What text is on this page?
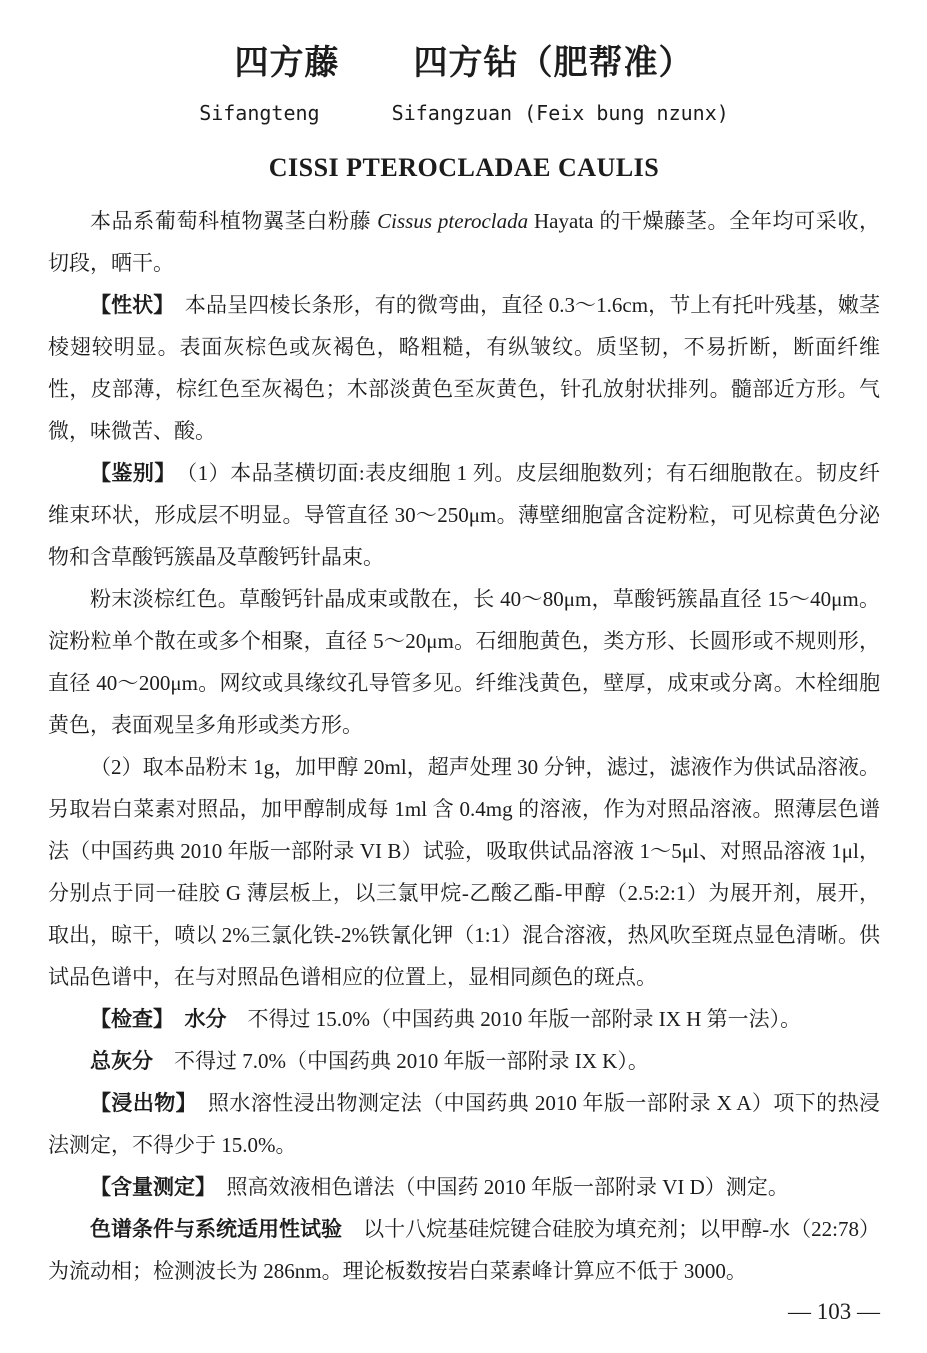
四方藤 四方钻（肥帮准）
Sifangteng	Sifangzuan (Feix bung nzunx)
CISSI PTEROCLADAE CAULIS

本品系葡萄科植物翼茎白粉藤 Cissus pteroclada Hayata 的干燥藤茎。全年均可采收，切段，晒干。

【性状】　本品呈四棱长条形，有的微弯曲，直径 0.3～1.6cm，节上有托叶残基，嫩茎棱翅较明显。表面灰棕色或灰褐色，略粗糙，有纵皱纹。质坚韧，不易折断，断面纤维性，皮部薄，棕红色至灰褐色；木部淡黄色至灰黄色，针孔放射状排列。髓部近方形。气微，味微苦、酸。

【鉴别】　（1）本品茎横切面:表皮细胞 1 列。皮层细胞数列；有石细胞散在。韧皮纤维束环状，形成层不明显。导管直径 30～250μm。薄壁细胞富含淀粉粒，可见棕黄色分泌物和含草酸钙簇晶及草酸钙针晶束。

粉末淡棕红色。草酸钙针晶成束或散在，长 40～80μm，草酸钙簇晶直径 15～40μm。淀粉粒单个散在或多个相聚，直径 5～20μm。石细胞黄色，类方形、长圆形或不规则形，直径 40～200μm。网纹或具缘纹孔导管多见。纤维浅黄色，壁厚，成束或分离。木栓细胞黄色，表面观呈多角形或类方形。

（2）取本品粉末 1g，加甲醇 20ml，超声处理 30 分钟，滤过，滤液作为供试品溶液。另取岩白菜素对照品，加甲醇制成每 1ml 含 0.4mg 的溶液，作为对照品溶液。照薄层色谱法（中国药典 2010 年版一部附录 VI B）试验，吸取供试品溶液 1～5μl、对照品溶液 1μl，分别点于同一硅胶 G 薄层板上，以三氯甲烷-乙酸乙酯-甲醇（2.5:2:1）为展开剂，展开，取出，晾干，喷以 2%三氯化铁-2%铁氰化钾（1:1）混合溶液，热风吹至斑点显色清晰。供试品色谱中，在与对照品色谱相应的位置上，显相同颜色的斑点。

【检查】　水分　不得过 15.0%（中国药典 2010 年版一部附录 IX H 第一法）。

总灰分　不得过 7.0%（中国药典 2010 年版一部附录 IX K）。

【浸出物】　照水溶性浸出物测定法（中国药典 2010 年版一部附录 X A）项下的热浸法测定，不得少于 15.0%。

【含量测定】　照高效液相色谱法（中国药 2010 年版一部附录 VI D）测定。

色谱条件与系统适用性试验　以十八烷基硅烷键合硅胶为填充剂；以甲醇-水（22:78）为流动相；检测波长为 286nm。理论板数按岩白菜素峰计算应不低于 3000。

— 103 —
